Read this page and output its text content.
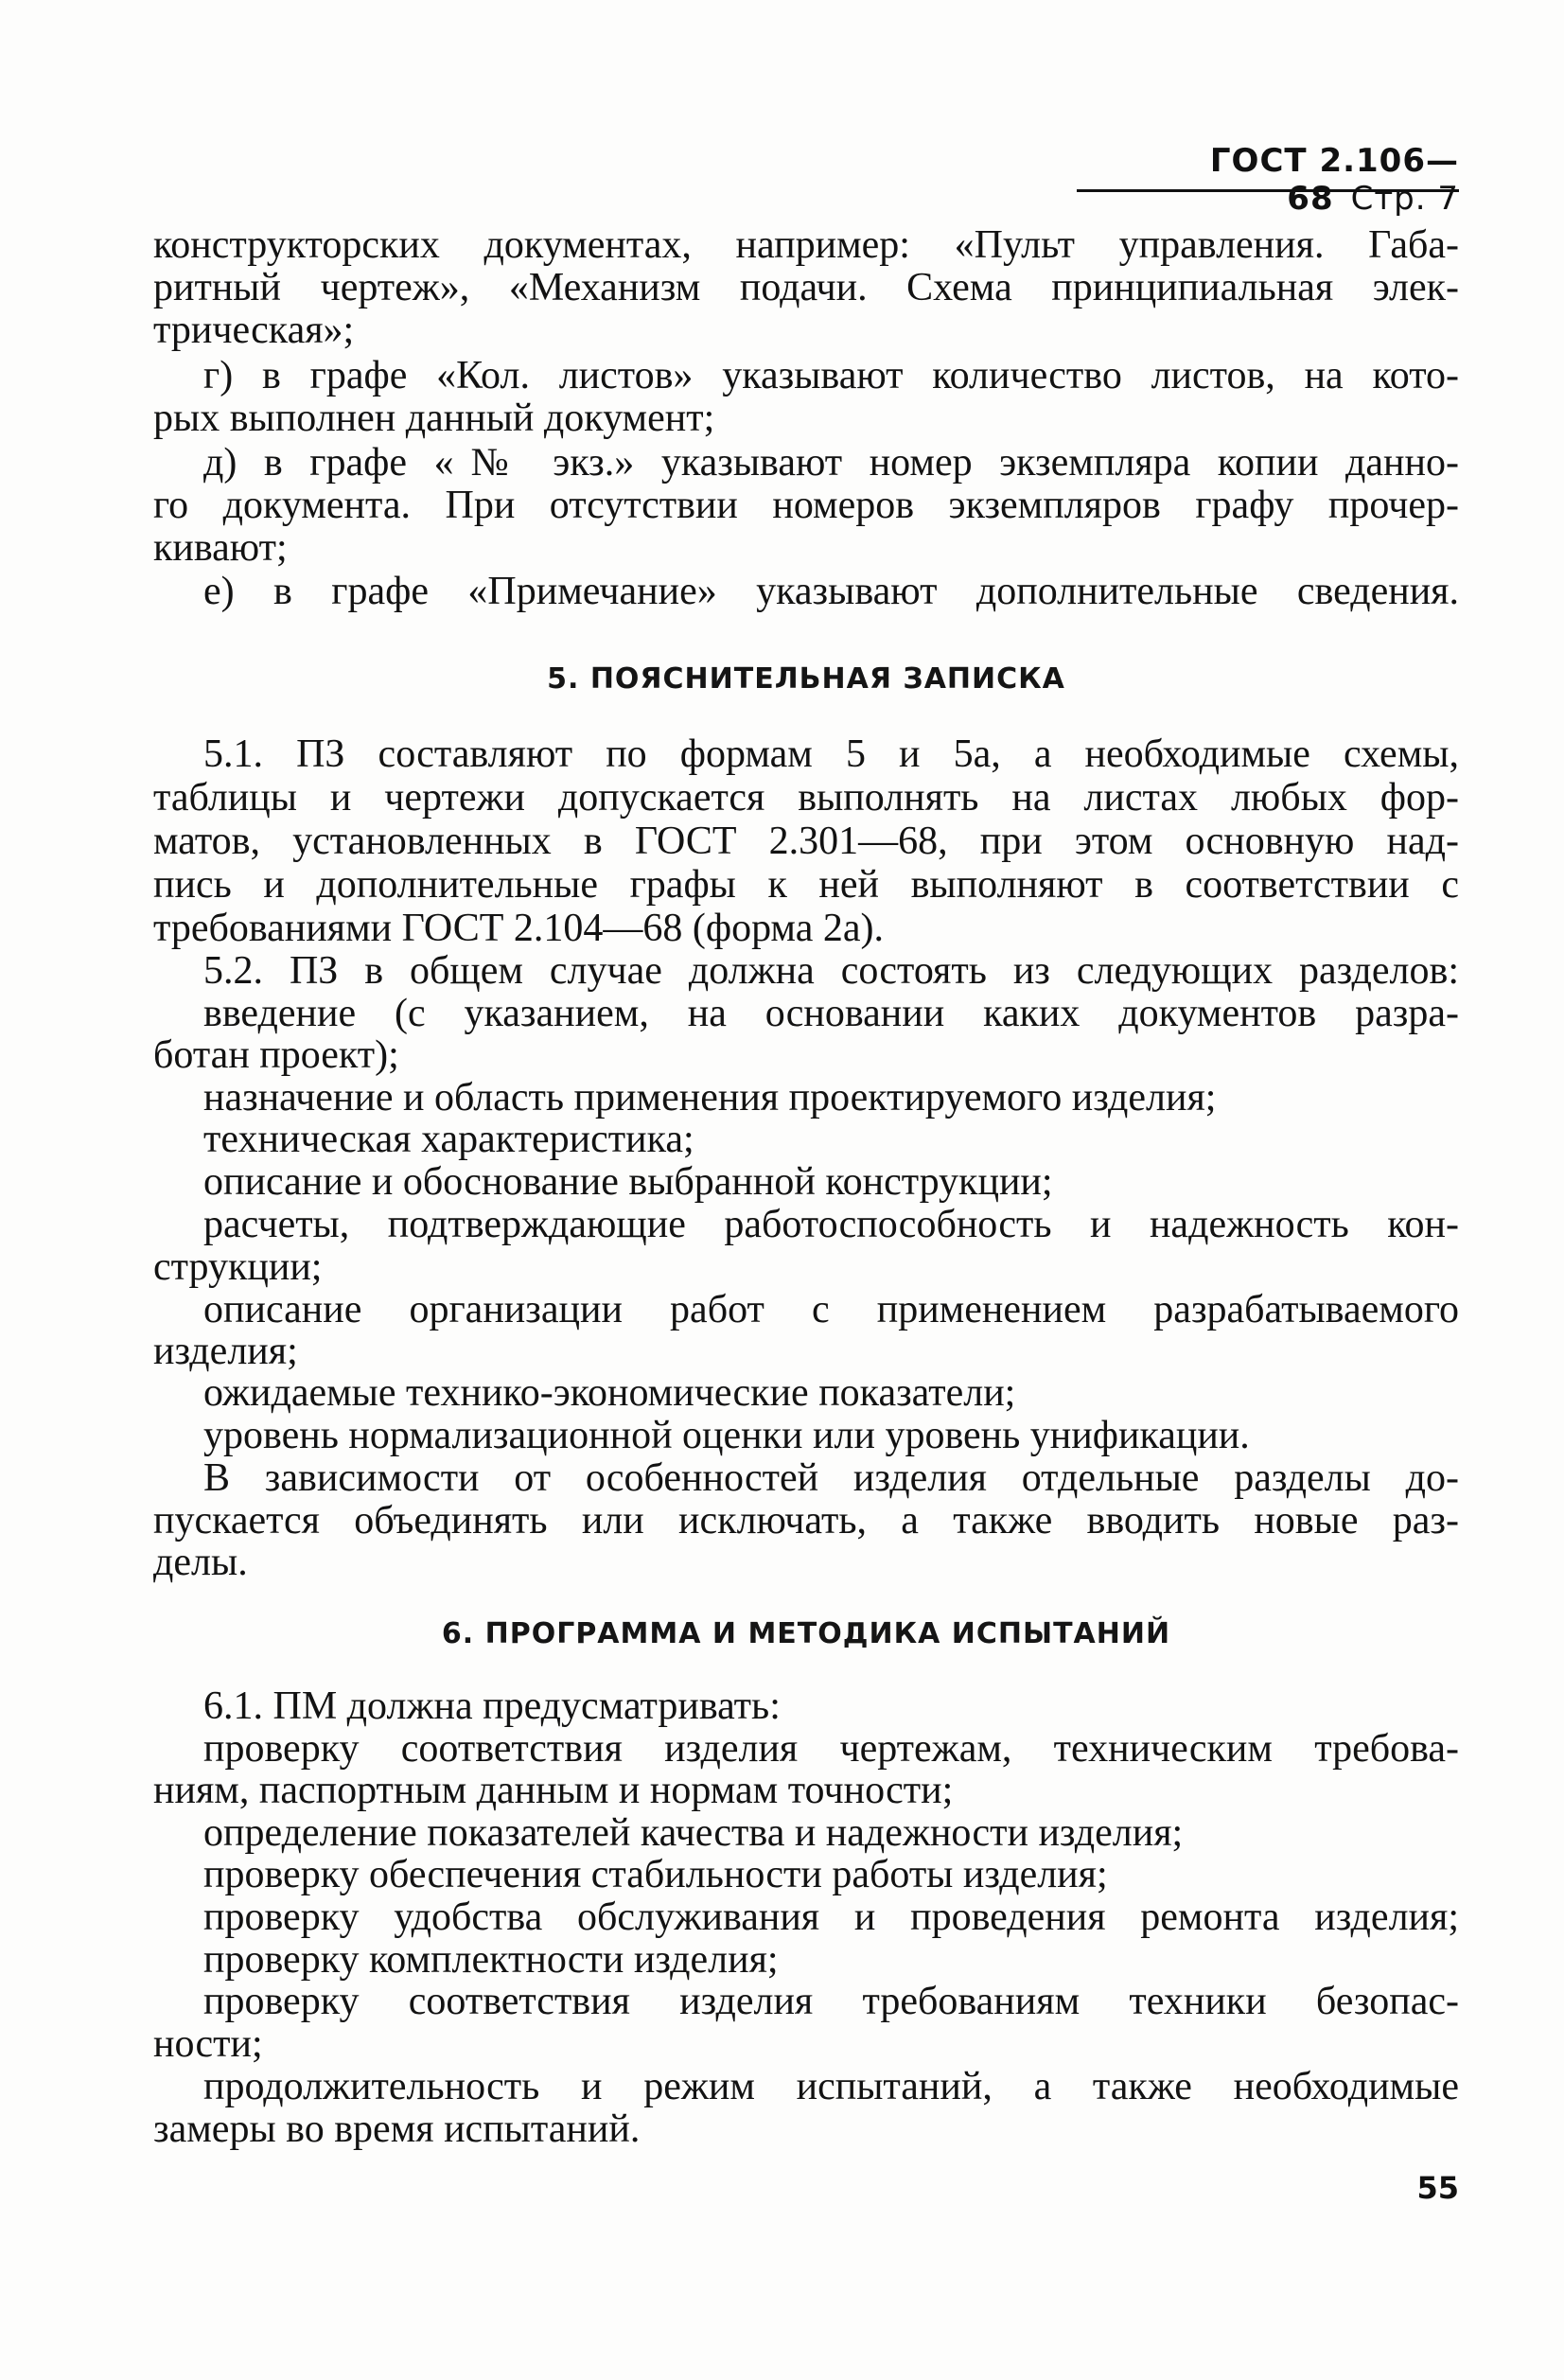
ГОСТ 2.106—68 Стр. 7

конструкторских документах, например: «Пульт управления. Габа-

ритный чертеж», «Механизм подачи. Схема принципиальная элек-

трическая»;

г) в графе «Кол. листов» указывают количество листов, на кото-

рых выполнен данный документ;

д) в графе «№ экз.» указывают номер экземпляра копии данно-

го документа. При отсутствии номеров экземпляров графу прочер-

кивают;

е) в графе «Примечание» указывают дополнительные сведения.

5. ПОЯСНИТЕЛЬНАЯ ЗАПИСКА

5.1. ПЗ составляют по формам 5 и 5а, а необходимые схемы,

таблицы и чертежи допускается выполнять на листах любых фор-

матов, установленных в ГОСТ 2.301—68, при этом основную над-

пись и дополнительные графы к ней выполняют в соответствии с

требованиями ГОСТ 2.104—68 (форма 2а).

5.2. ПЗ в общем случае должна состоять из следующих разделов:

введение (с указанием, на основании каких документов разра-

ботан проект);

назначение и область применения проектируемого изделия;

техническая характеристика;

описание и обоснование выбранной конструкции;

расчеты, подтверждающие работоспособность и надежность кон-

струкции;

описание организации работ с применением разрабатываемого

изделия;

ожидаемые технико-экономические показатели;

уровень нормализационной оценки или уровень унификации.

В зависимости от особенностей изделия отдельные разделы до-

пускается объединять или исключать, а также вводить новые раз-

делы.

6. ПРОГРАММА И МЕТОДИКА ИСПЫТАНИЙ

6.1. ПМ должна предусматривать:

проверку соответствия изделия чертежам, техническим требова-

ниям, паспортным данным и нормам точности;

определение показателей качества и надежности изделия;

проверку обеспечения стабильности работы изделия;

проверку удобства обслуживания и проведения ремонта изделия;

проверку комплектности изделия;

проверку соответствия изделия требованиям техники безопас-

ности;

продолжительность и режим испытаний, а также необходимые

замеры во время испытаний.

55
